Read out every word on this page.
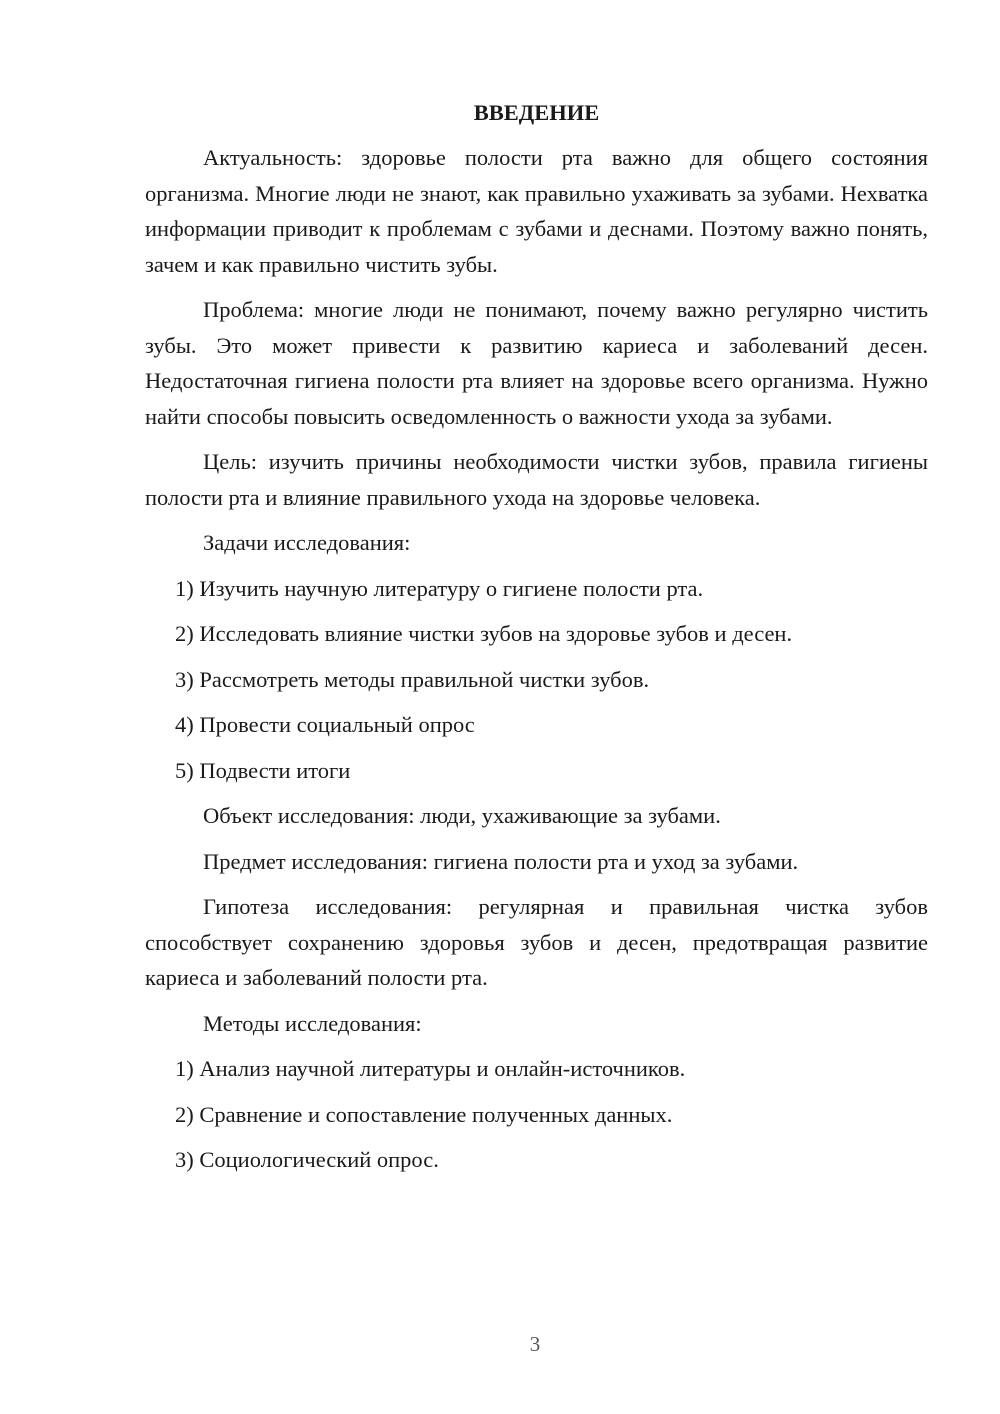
ВВЕДЕНИЕ

Актуальность: здоровье полости рта важно для общего состояния организма. Многие люди не знают, как правильно ухаживать за зубами. Нехватка информации приводит к проблемам с зубами и деснами. Поэтому важно понять, зачем и как правильно чистить зубы.

Проблема: многие люди не понимают, почему важно регулярно чистить зубы. Это может привести к развитию кариеса и заболеваний десен. Недостаточная гигиена полости рта влияет на здоровье всего организма. Нужно найти способы повысить осведомленность о важности ухода за зубами.

Цель: изучить причины необходимости чистки зубов, правила гигиены полости рта и влияние правильного ухода на здоровье человека.

Задачи исследования:
1) Изучить научную литературу о гигиене полости рта.
2) Исследовать влияние чистки зубов на здоровье зубов и десен.
3) Рассмотреть методы правильной чистки зубов.
4) Провести социальный опрос
5) Подвести итоги
Объект исследования: люди, ухаживающие за зубами.
Предмет исследования: гигиена полости рта и уход за зубами.

Гипотеза исследования: регулярная и правильная чистка зубов способствует сохранению здоровья зубов и десен, предотвращая развитие кариеса и заболеваний полости рта.

Методы исследования:
1) Анализ научной литературы и онлайн-источников.
2) Сравнение и сопоставление полученных данных.
3) Социологический опрос.
3
